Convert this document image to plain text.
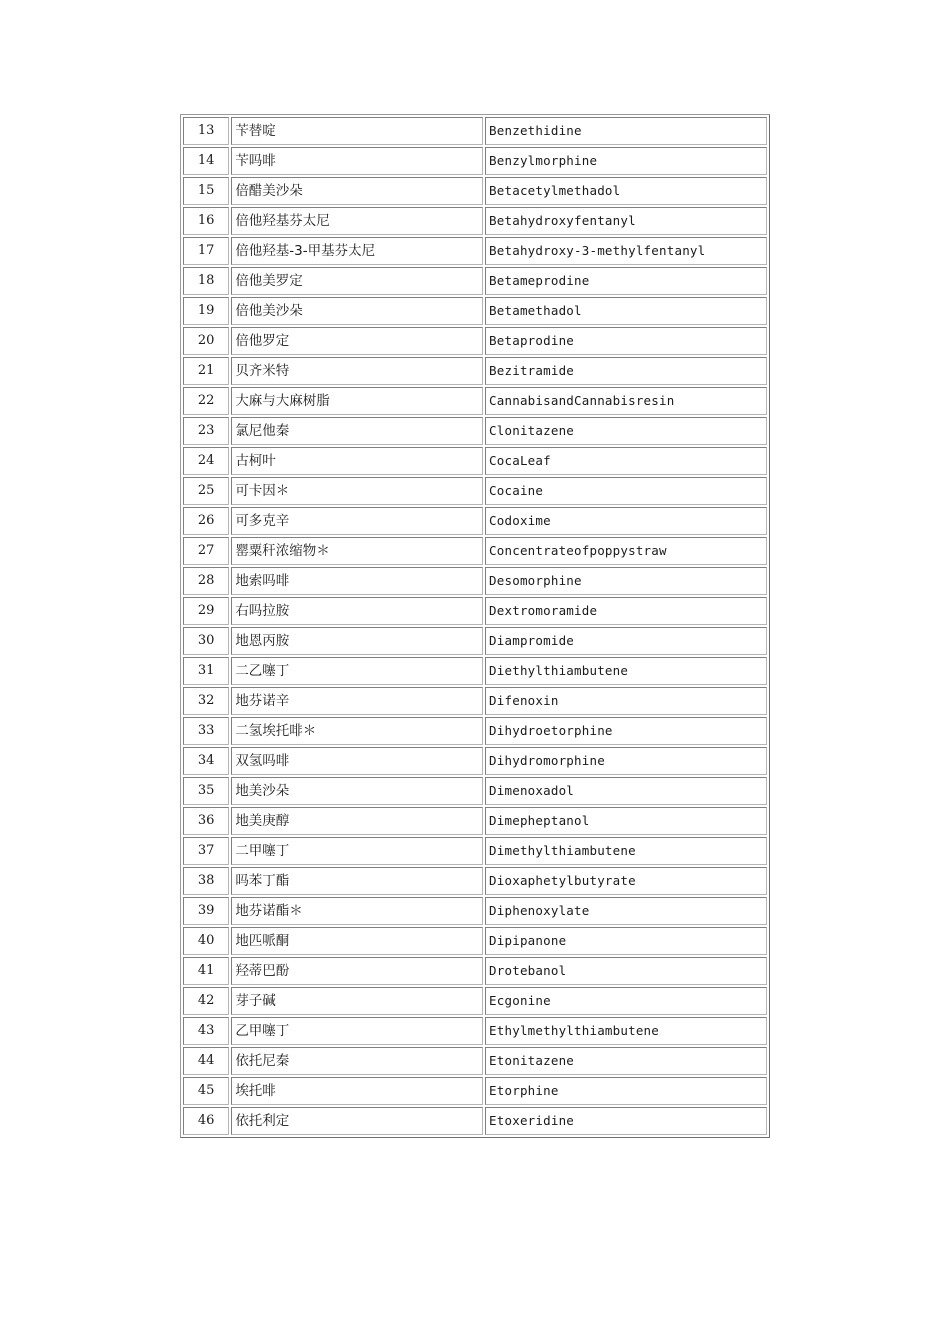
13	苄替啶	Benzethidine
14	苄吗啡	Benzylmorphine
15	倍醋美沙朵	Betacetylmethadol
16	倍他羟基芬太尼	Betahydroxyfentanyl
17	倍他羟基-3-甲基芬太尼	Betahydroxy-3-methylfentanyl
18	倍他美罗定	Betameprodine
19	倍他美沙朵	Betamethadol
20	倍他罗定	Betaprodine
21	贝齐米特	Bezitramide
22	大麻与大麻树脂	CannabisandCannabisresin
23	氯尼他秦	Clonitazene
24	古柯叶	CocaLeaf
25	可卡因＊	Cocaine
26	可多克辛	Codoxime
27	罂粟秆浓缩物＊	Concentrateofpoppystraw
28	地索吗啡	Desomorphine
29	右吗拉胺	Dextromoramide
30	地恩丙胺	Diampromide
31	二乙噻丁	Diethylthiambutene
32	地芬诺辛	Difenoxin
33	二氢埃托啡＊	Dihydroetorphine
34	双氢吗啡	Dihydromorphine
35	地美沙朵	Dimenoxadol
36	地美庚醇	Dimepheptanol
37	二甲噻丁	Dimethylthiambutene
38	吗苯丁酯	Dioxaphetylbutyrate
39	地芬诺酯＊	Diphenoxylate
40	地匹哌酮	Dipipanone
41	羟蒂巴酚	Drotebanol
42	芽子碱	Ecgonine
43	乙甲噻丁	Ethylmethylthiambutene
44	依托尼秦	Etonitazene
45	埃托啡	Etorphine
46	依托利定	Etoxeridine
